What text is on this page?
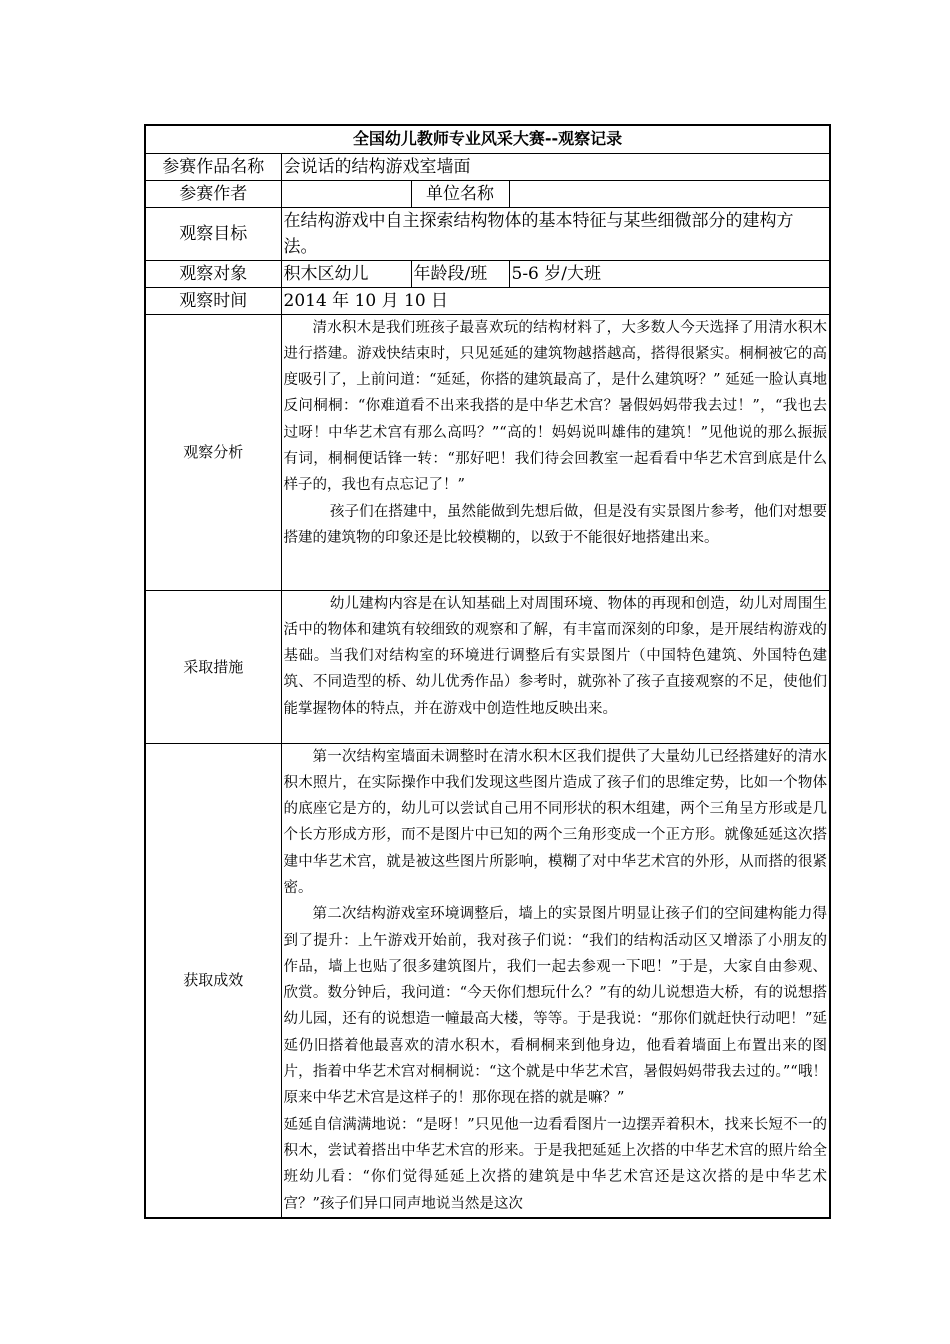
全国幼儿教师专业风采大赛--观察记录			
参赛作品名称	会说话的结构游戏室墙面		
参赛作者		单位名称	
观察目标	在结构游戏中自主探索结构物体的基本特征与某些细微部分的建构方法。		
观察对象	积木区幼儿	年龄段/班	5-6 岁/大班
观察时间	2014 年 10 月 10 日		
观察分析	清水积木是我们班孩子最喜欢玩的结构材料了，大多数人今天选择了用清水积木进行搭建。游戏快结束时，只见延延的建筑物越搭越高，搭得很紧实。桐桐被它的高度吸引了，上前问道：“延延，你搭的建筑最高了，是什么建筑呀？” 延延一脸认真地反问桐桐：“你难道看不出来我搭的是中华艺术宫？暑假妈妈带我去过！”，“我也去过呀！中华艺术宫有那么高吗？”“高的！妈妈说叫雄伟的建筑！”见他说的那么振振有词，桐桐便话锋一转：“那好吧！我们待会回教室一起看看中华艺术宫到底是什么样子的，我也有点忘记了！”

孩子们在搭建中，虽然能做到先想后做，但是没有实景图片参考，他们对想要搭建的建筑物的印象还是比较模糊的，以致于不能很好地搭建出来。		

采取措施	幼儿建构内容是在认知基础上对周围环境、物体的再现和创造，幼儿对周围生活中的物体和建筑有较细致的观察和了解，有丰富而深刻的印象，是开展结构游戏的基础。当我们对结构室的环境进行调整后有实景图片（中国特色建筑、外国特色建筑、不同造型的桥、幼儿优秀作品）参考时，就弥补了孩子直接观察的不足，使他们能掌握物体的特点，并在游戏中创造性地反映出来。		

获取成效	第一次结构室墙面未调整时在清水积木区我们提供了大量幼儿已经搭建好的清水积木照片，在实际操作中我们发现这些图片造成了孩子们的思维定势，比如一个物体的底座它是方的，幼儿可以尝试自己用不同形状的积木组建，两个三角呈方形或是几个长方形成方形，而不是图片中已知的两个三角形变成一个正方形。就像延延这次搭建中华艺术宫，就是被这些图片所影响，模糊了对中华艺术宫的外形，从而搭的很紧密。

第二次结构游戏室环境调整后，墙上的实景图片明显让孩子们的空间建构能力得到了提升：上午游戏开始前，我对孩子们说：“我们的结构活动区又增添了小朋友的作品，墙上也贴了很多建筑图片，我们一起去参观一下吧！”于是，大家自由参观、欣赏。数分钟后，我问道：“今天你们想玩什么？”有的幼儿说想造大桥，有的说想搭幼儿园，还有的说想造一幢最高大楼，等等。于是我说：“那你们就赶快行动吧！”延延仍旧搭着他最喜欢的清水积木，看桐桐来到他身边，他看着墙面上布置出来的图片，指着中华艺术宫对桐桐说：“这个就是中华艺术宫，暑假妈妈带我去过的。”“哦！原来中华艺术宫是这样子的！那你现在搭的就是嘛？”

延延自信满满地说：“是呀！”只见他一边看看图片一边摆弄着积木，找来长短不一的积木，尝试着搭出中华艺术宫的形来。于是我把延延上次搭的中华艺术宫的照片给全班幼儿看：“你们觉得延延上次搭的建筑是中华艺术宫还是这次搭的是中华艺术宫？”孩子们异口同声地说当然是这次		
